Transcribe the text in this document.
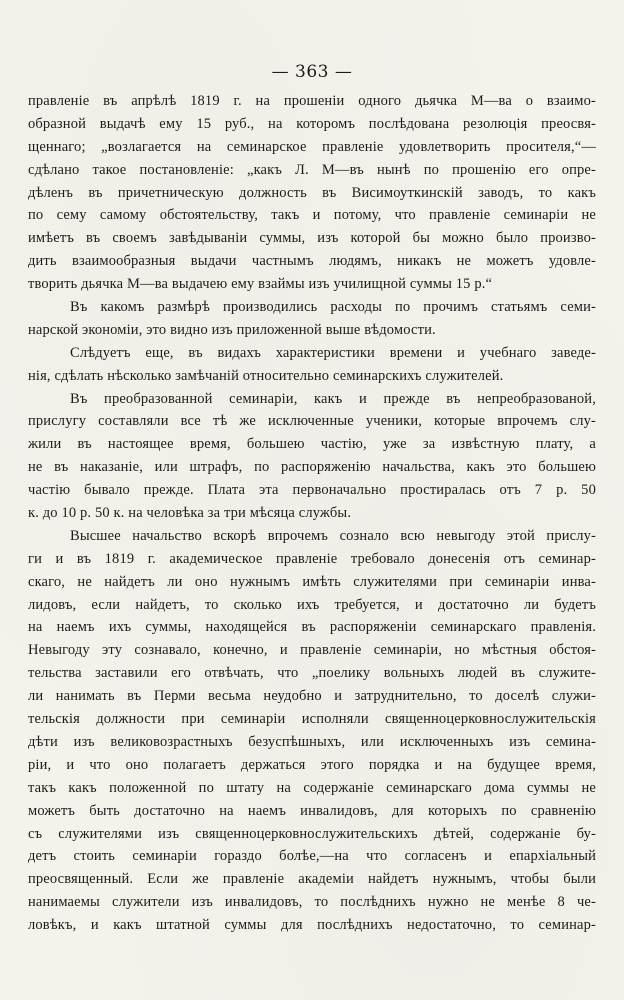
— 363 —
правленіе въ апрѣлѣ 1819 г. на прошеніи одного дьячка М—ва о взаимо-
образной выдачѣ ему 15 руб., на которомъ послѣдована резолюція преосвя-
щеннаго; „возлагается на семинарское правленіе удовлетворить просителя,“—
сдѣлано такое постановленіе: „какъ Л. М—въ нынѣ по прошенію его опре-
дѣленъ въ причетническую должность въ Висимоуткинскій заводъ, то какъ
по сему самому обстоятельству, такъ и потому, что правленіе семинаріи не
имѣетъ въ своемъ завѣдываніи суммы, изъ которой бы можно было произво-
дить взаимообразныя выдачи частнымъ людямъ, никакъ не можетъ удовле-
творить дьячка М—ва выдачею ему взаймы изъ училищной суммы 15 р.“
Въ какомъ размѣрѣ производились расходы по прочимъ статьямъ семи-
нарской экономіи, это видно изъ приложенной выше вѣдомости.
Слѣдуетъ еще, въ видахъ характеристики времени и учебнаго заведе-
нія, сдѣлать нѣсколько замѣчаній относительно семинарскихъ служителей.
Въ преобразованной семинаріи, какъ и прежде въ непреобразованой,
прислугу составляли все тѣ же исключенные ученики, которые впрочемъ слу-
жили въ настоящее время, большею частію, уже за извѣстную плату, а
не въ наказаніе, или штрафъ, по распоряженію начальства, какъ это большею
частію бывало прежде. Плата эта первоначально простиралась отъ 7 р. 50
к. до 10 р. 50 к. на человѣка за три мѣсяца службы.
Высшее начальство вскорѣ впрочемъ сознало всю невыгоду этой прислу-
ги и въ 1819 г. академическое правленіе требовало донесенія отъ семинар-
скаго, не найдетъ ли оно нужнымъ имѣть служителями при семинаріи инва-
лидовъ, если найдетъ, то сколько ихъ требуется, и достаточно ли будетъ
на наемъ ихъ суммы, находящейся въ распоряженіи семинарскаго правленія.
Невыгоду эту сознавало, конечно, и правленіе семинаріи, но мѣстныя обстоя-
тельства заставили его отвѣчать, что „поелику вольныхъ людей въ служите-
ли нанимать въ Перми весьма неудобно и затруднительно, то доселѣ служи-
тельскія должности при семинаріи исполняли священноцерковнослужительскія
дѣти изъ великовозрастныхъ безуспѣшныхъ, или исключенныхъ изъ семина-
ріи, и что оно полагаетъ держаться этого порядка и на будущее время,
такъ какъ положенной по штату на содержаніе семинарскаго дома суммы не
можетъ быть достаточно на наемъ инвалидовъ, для которыхъ по сравненію
съ служителями изъ священноцерковнослужительскихъ дѣтей, содержаніе бу-
детъ стоить семинаріи гораздо болѣе,—на что согласенъ и епархіальный
преосвященный. Если же правленіе академіи найдетъ нужнымъ, чтобы были
нанимаемы служители изъ инвалидовъ, то послѣднихъ нужно не менѣе 8 че-
ловѣкъ, и какъ штатной суммы для послѣднихъ недостаточно, то семинар-
